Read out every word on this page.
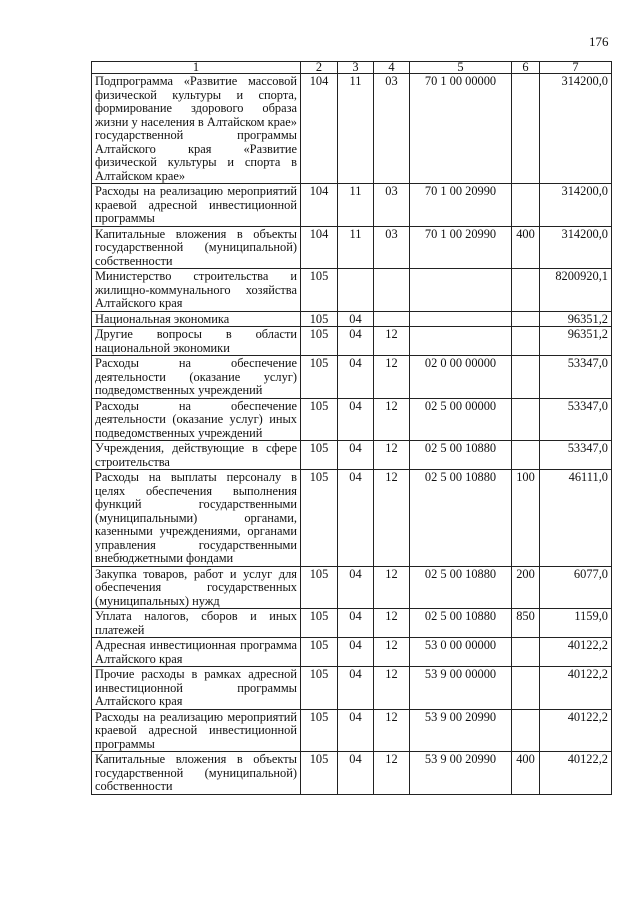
176
1	2	3	4	5	6	7
Подпрограмма «Развитие массовой физической культуры и спорта, формирование здорового образа жизни у населения в Алтайском крае» государственной программы Алтайского края «Развитие физической культуры и спорта в Алтайском крае»	104	11	03	70 1 00 00000		314200,0
Расходы на реализацию мероприятий краевой адресной инвестиционной программы	104	11	03	70 1 00 20990		314200,0
Капитальные вложения в объекты государственной (муниципальной) собственности	104	11	03	70 1 00 20990	400	314200,0
Министерство строительства и жилищно-коммунального хозяйства Алтайского края	105					8200920,1
Национальная экономика	105	04				96351,2
Другие вопросы в области национальной экономики	105	04	12			96351,2
Расходы на обеспечение деятельности (оказание услуг) подведомственных учреждений	105	04	12	02 0 00 00000		53347,0
Расходы на обеспечение деятельности (оказание услуг) иных подведомственных учреждений	105	04	12	02 5 00 00000		53347,0
Учреждения, действующие в сфере строительства	105	04	12	02 5 00 10880		53347,0
Расходы на выплаты персоналу в целях обеспечения выполнения функций государственными (муниципальными) органами, казенными учреждениями, органами управления государственными внебюджетными фондами	105	04	12	02 5 00 10880	100	46111,0
Закупка товаров, работ и услуг для обеспечения государственных (муниципальных) нужд	105	04	12	02 5 00 10880	200	6077,0
Уплата налогов, сборов и иных платежей	105	04	12	02 5 00 10880	850	1159,0
Адресная инвестиционная программа Алтайского края	105	04	12	53 0 00 00000		40122,2
Прочие расходы в рамках адресной инвестиционной программы Алтайского края	105	04	12	53 9 00 00000		40122,2
Расходы на реализацию мероприятий краевой адресной инвестиционной программы	105	04	12	53 9 00 20990		40122,2
Капитальные вложения в объекты государственной (муниципальной) собственности	105	04	12	53 9 00 20990	400	40122,2
